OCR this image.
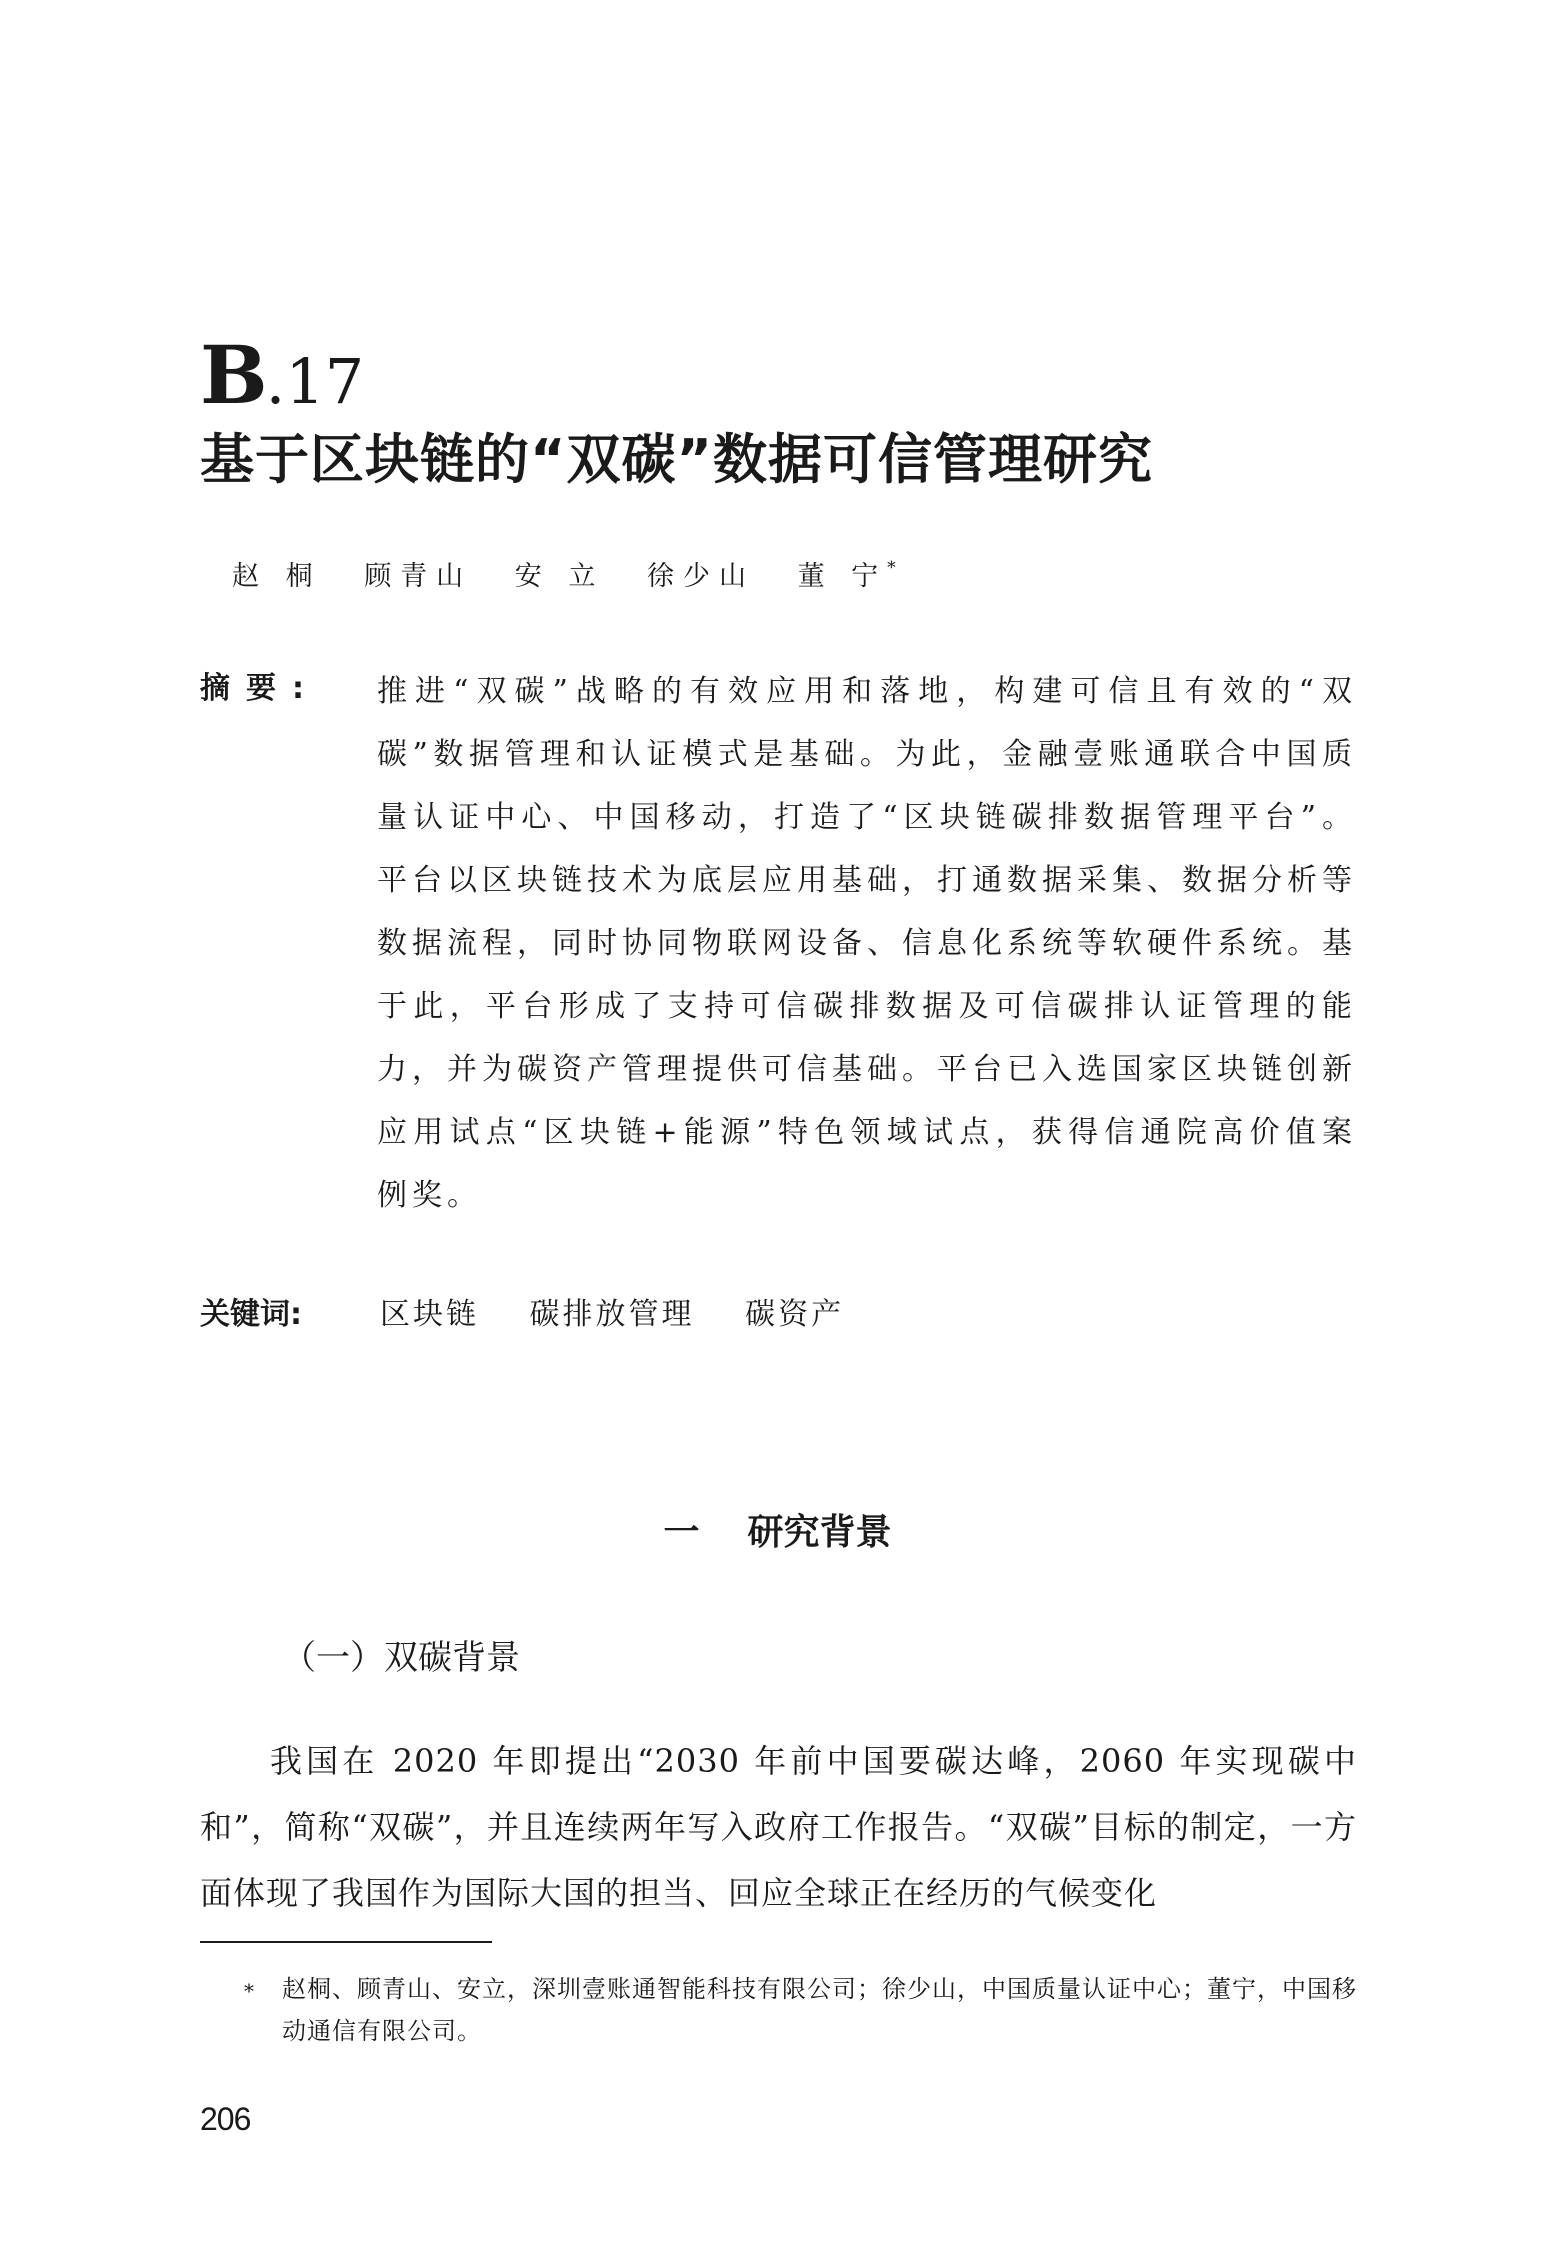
B.17
基于区块链的“双碳”数据可信管理研究
赵 桐 顾青山 安 立 徐少山 董 宁*
摘要: 推进“双碳”战略的有效应用和落地，构建可信且有效的“双碳”数据管理和认证模式是基础。为此，金融壹账通联合中国质量认证中心、中国移动，打造了“区块链碳排数据管理平台”。平台以区块链技术为底层应用基础，打通数据采集、数据分析等数据流程，同时协同物联网设备、信息化系统等软硬件系统。基于此，平台形成了支持可信碳排数据及可信碳排认证管理的能力，并为碳资产管理提供可信基础。平台已入选国家区块链创新应用试点“区块链+能源”特色领域试点，获得信通院高价值案例奖。
关键词:	区块链 碳排放管理 碳资产
一 研究背景
（一）双碳背景
我国在 2020 年即提出“2030 年前中国要碳达峰，2060 年实现碳中和”，简称“双碳”，并且连续两年写入政府工作报告。“双碳”目标的制定，一方面体现了我国作为国际大国的担当、回应全球正在经历的气候变化
* 赵桐、顾青山、安立，深圳壹账通智能科技有限公司；徐少山，中国质量认证中心；董宁，中国移动通信有限公司。
206
